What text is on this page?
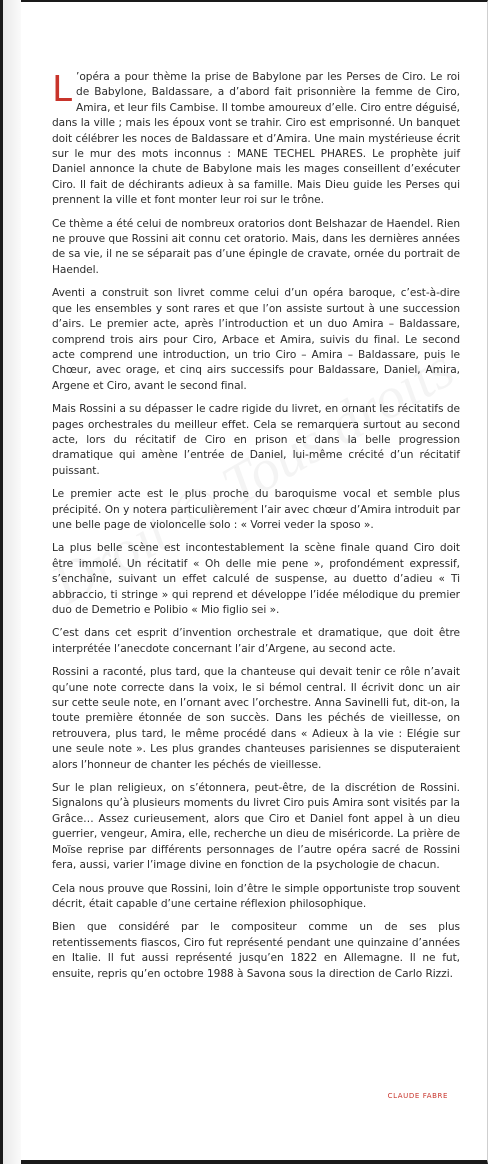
L ’opéra a pour thème la prise de Babylone par les Perses de Ciro. Le roi de Babylone, Baldassare, a d’abord fait prisonnière la femme de Ciro, Amira, et leur fils Cambise. Il tombe amoureux d’elle. Ciro entre déguisé, dans la ville ; mais les époux vont se trahir. Ciro est emprisonné. Un banquet doit célébrer les noces de Baldassare et d’Amira. Une main mystérieuse écrit sur le mur des mots inconnus : MANE TECHEL PHARES. Le prophète juif Daniel annonce la chute de Babylone mais les mages conseillent d’exécuter Ciro. Il fait de déchirants adieux à sa famille. Mais Dieu guide les Perses qui prennent la ville et font monter leur roi sur le trône.

Ce thème a été celui de nombreux oratorios dont Belshazar de Haendel. Rien ne prouve que Rossini ait connu cet oratorio. Mais, dans les dernières années de sa vie, il ne se séparait pas d’une épingle de cravate, ornée du portrait de Haendel.

Aventi a construit son livret comme celui d’un opéra baroque, c’est-à-dire que les ensembles y sont rares et que l’on assiste surtout à une succession d’airs. Le premier acte, après l’introduction et un duo Amira – Baldassare, comprend trois airs pour Ciro, Arbace et Amira, suivis du final. Le second acte comprend une introduction, un trio Ciro – Amira – Baldassare, puis le Chœur, avec orage, et cinq airs successifs pour Baldassare, Daniel, Amira, Argene et Ciro, avant le second final.

Mais Rossini a su dépasser le cadre rigide du livret, en ornant les récitatifs de pages orchestrales du meilleur effet. Cela se remarquera surtout au second acte, lors du récitatif de Ciro en prison et dans la belle progression dramatique qui amène l’entrée de Daniel, lui-même crécité d’un récitatif puissant.

Le premier acte est le plus proche du baroquisme vocal et semble plus précipité. On y notera particulièrement l’air avec chœur d’Amira introduit par une belle page de violoncelle solo : « Vorrei veder la sposo ».

La plus belle scène est incontestablement la scène finale quand Ciro doit être immolé. Un récitatif « Oh delle mie pene », profondément expressif, s’enchaîne, suivant un effet calculé de suspense, au duetto d’adieu « Ti abbraccio, ti stringe » qui reprend et développe l’idée mélodique du premier duo de Demetrio e Polibio « Mio figlio sei ».

C’est dans cet esprit d’invention orchestrale et dramatique, que doit être interprétée l’anecdote concernant l’air d’Argene, au second acte.

Rossini a raconté, plus tard, que la chanteuse qui devait tenir ce rôle n’avait qu’une note correcte dans la voix, le si bémol central. Il écrivit donc un air sur cette seule note, en l’ornant avec l’orchestre. Anna Savinelli fut, dit-on, la toute première étonnée de son succès. Dans les péchés de vieillesse, on retrouvera, plus tard, le même procédé dans « Adieux à la vie : Elégie sur une seule note ». Les plus grandes chanteuses parisiennes se disputeraient alors l’honneur de chanter les péchés de vieillesse.

Sur le plan religieux, on s’étonnera, peut-être, de la discrétion de Rossini. Signalons qu’à plusieurs moments du livret Ciro puis Amira sont visités par la Grâce… Assez curieusement, alors que Ciro et Daniel font appel à un dieu guerrier, vengeur, Amira, elle, recherche un dieu de miséricorde. La prière de Moïse reprise par différents personnages de l’autre opéra sacré de Rossini fera, aussi, varier l’image divine en fonction de la psychologie de chacun.

Cela nous prouve que Rossini, loin d’être le simple opportuniste trop souvent décrit, était capable d’une certaine réflexion philosophique.

Bien que considéré par le compositeur comme un de ses plus retentissements fiascos, Ciro fut représenté pendant une quinzaine d’années en Italie. Il fut aussi représenté jusqu’en 1822 en Allemagne. Il ne fut, ensuite, repris qu’en octobre 1988 à Savona sous la direction de Carlo Rizzi.

CLAUDE FABRE
